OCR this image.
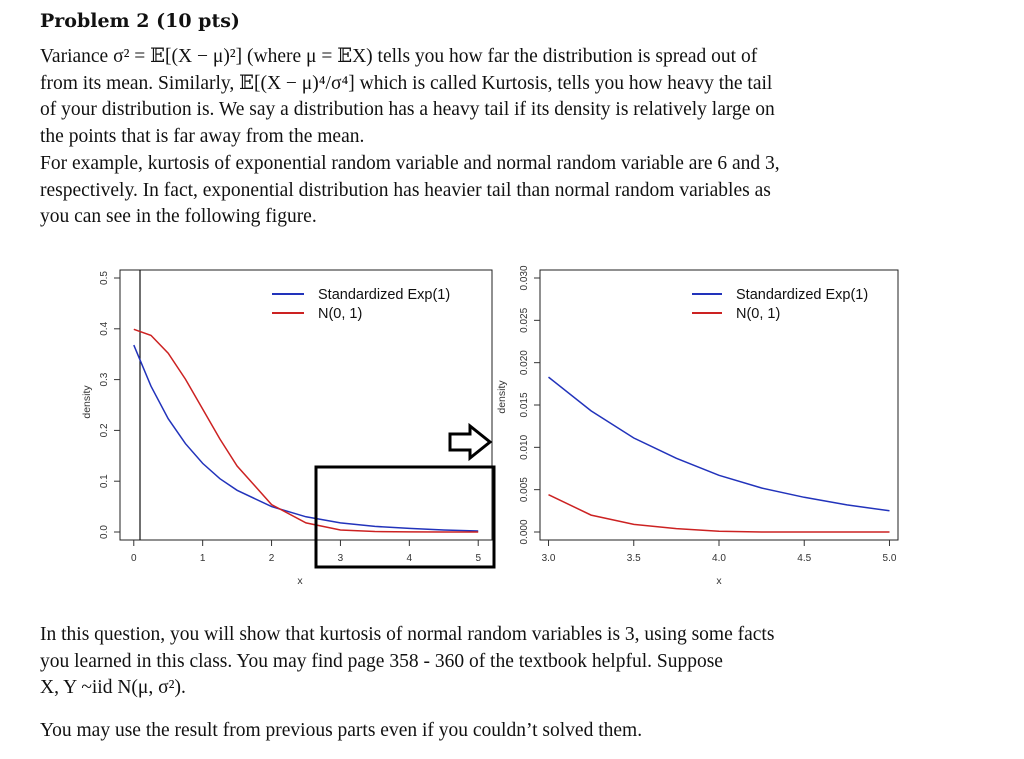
Problem 2 (10 pts)
Variance σ² = 𝔼[(X − μ)²] (where μ = 𝔼X) tells you how far the distribution is spread out of
from its mean. Similarly, 𝔼[(X − μ)⁴/σ⁴] which is called Kurtosis, tells you how heavy the tail
of your distribution is. We say a distribution has a heavy tail if its density is relatively large on
the points that is far away from the mean.
For example, kurtosis of exponential random variable and normal random variable are 6 and 3,
respectively. In fact, exponential distribution has heavier tail than normal random variables as
you can see in the following figure.
0	1	2	3	4	5
0.0
0.1
0.2
0.3
0.4
0.5
x
density
Standardized Exp(1)
N(0, 1)
3.0	3.5	4.0	4.5	5.0
0.000
0.005
0.010
0.015
0.020
0.025
0.030
x
density
Standardized Exp(1)
N(0, 1)
In this question, you will show that kurtosis of normal random variables is 3, using some facts
you learned in this class. You may find page 358 - 360 of the textbook helpful. Suppose
X, Y ~iid N(μ, σ²).
You may use the result from previous parts even if you couldn’t solved them.
